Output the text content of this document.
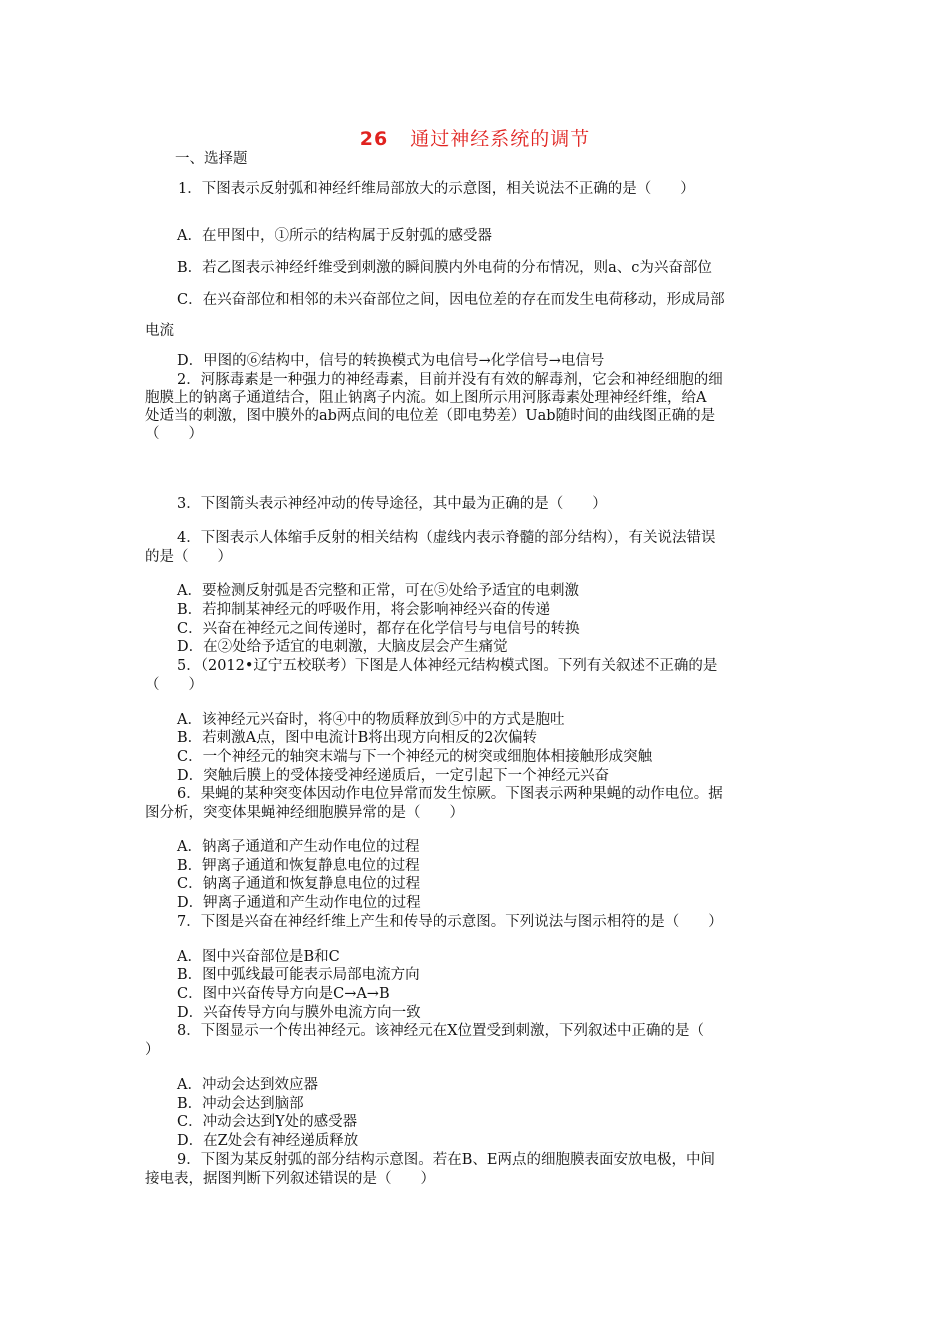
26 通过神经系统的调节
一、选择题
1．下图表示反射弧和神经纤维局部放大的示意图，相关说法不正确的是（　　）
A．在甲图中，①所示的结构属于反射弧的感受器
B．若乙图表示神经纤维受到刺激的瞬间膜内外电荷的分布情况，则a、c为兴奋部位
C．在兴奋部位和相邻的未兴奋部位之间，因电位差的存在而发生电荷移动，形成局部
电流
D．甲图的⑥结构中，信号的转换模式为电信号→化学信号→电信号
2．河豚毒素是一种强力的神经毒素，目前并没有有效的解毒剂，它会和神经细胞的细
胞膜上的钠离子通道结合，阻止钠离子内流。如上图所示用河豚毒素处理神经纤维，给A
处适当的刺激，图中膜外的ab两点间的电位差（即电势差）Uab随时间的曲线图正确的是
（　　）
3．下图箭头表示神经冲动的传导途径，其中最为正确的是（　　）
4．下图表示人体缩手反射的相关结构（虚线内表示脊髓的部分结构），有关说法错误
的是（　　）
A．要检测反射弧是否完整和正常，可在⑤处给予适宜的电刺激
B．若抑制某神经元的呼吸作用，将会影响神经兴奋的传递
C．兴奋在神经元之间传递时，都存在化学信号与电信号的转换
D．在②处给予适宜的电刺激，大脑皮层会产生痛觉
5．（2012•辽宁五校联考）下图是人体神经元结构模式图。下列有关叙述不正确的是
（　　）
A．该神经元兴奋时，将④中的物质释放到⑤中的方式是胞吐
B．若刺激A点，图中电流计B将出现方向相反的2次偏转
C．一个神经元的轴突末端与下一个神经元的树突或细胞体相接触形成突触
D．突触后膜上的受体接受神经递质后，一定引起下一个神经元兴奋
6．果蝇的某种突变体因动作电位异常而发生惊厥。下图表示两种果蝇的动作电位。据
图分析，突变体果蝇神经细胞膜异常的是（　　）
A．钠离子通道和产生动作电位的过程
B．钾离子通道和恢复静息电位的过程
C．钠离子通道和恢复静息电位的过程
D．钾离子通道和产生动作电位的过程
7．下图是兴奋在神经纤维上产生和传导的示意图。下列说法与图示相符的是（　　）
A．图中兴奋部位是B和C
B．图中弧线最可能表示局部电流方向
C．图中兴奋传导方向是C→A→B
D．兴奋传导方向与膜外电流方向一致
8．下图显示一个传出神经元。该神经元在X位置受到刺激，下列叙述中正确的是（
）
A．冲动会达到效应器
B．冲动会达到脑部
C．冲动会达到Y处的感受器
D．在Z处会有神经递质释放
9．下图为某反射弧的部分结构示意图。若在B、E两点的细胞膜表面安放电极，中间
接电表，据图判断下列叙述错误的是（　　）
